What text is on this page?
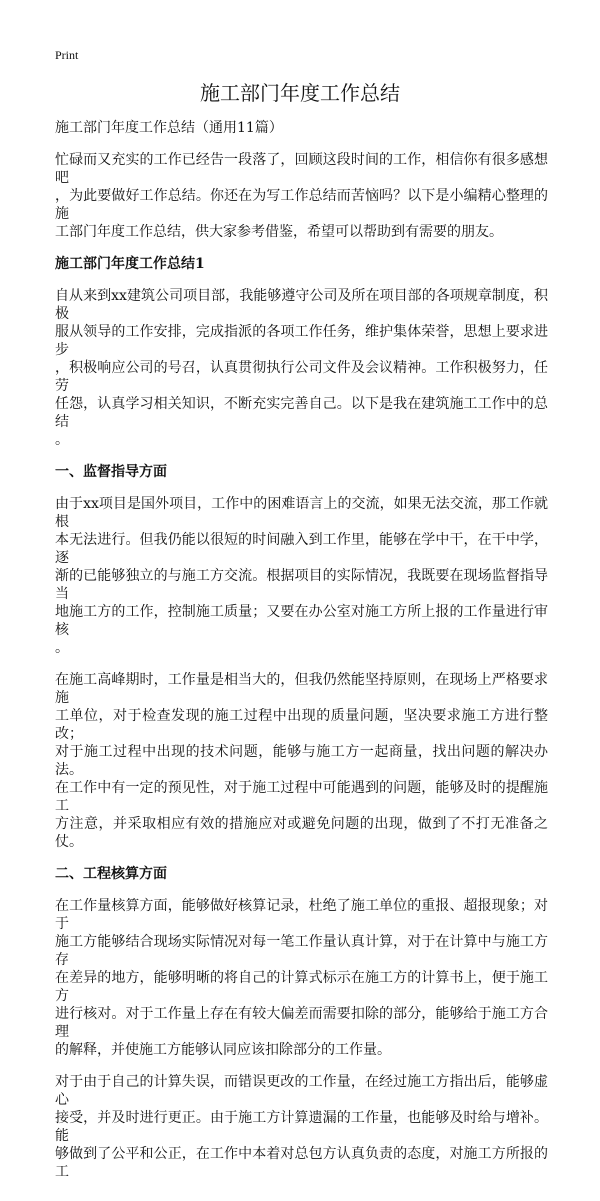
Print
施工部门年度工作总结
施工部门年度工作总结（通用11篇）
忙碌而又充实的工作已经告一段落了，回顾这段时间的工作，相信你有很多感想吧
，为此要做好工作总结。你还在为写工作总结而苦恼吗？以下是小编精心整理的施
工部门年度工作总结，供大家参考借鉴，希望可以帮助到有需要的朋友。
施工部门年度工作总结1
自从来到xx建筑公司项目部，我能够遵守公司及所在项目部的各项规章制度，积极
服从领导的工作安排，完成指派的各项工作任务，维护集体荣誉，思想上要求进步
，积极响应公司的号召，认真贯彻执行公司文件及会议精神。工作积极努力，任劳
任怨，认真学习相关知识，不断充实完善自己。以下是我在建筑施工工作中的总结
。
一、监督指导方面
由于xx项目是国外项目，工作中的困难语言上的交流，如果无法交流，那工作就根
本无法进行。但我仍能以很短的时间融入到工作里，能够在学中干，在干中学，逐
渐的已能够独立的与施工方交流。根据项目的实际情况，我既要在现场监督指导当
地施工方的工作，控制施工质量；又要在办公室对施工方所上报的工作量进行审核
。
在施工高峰期时，工作量是相当大的，但我仍然能坚持原则，在现场上严格要求施
工单位，对于检查发现的施工过程中出现的质量问题，坚决要求施工方进行整改；
对于施工过程中出现的技术问题，能够与施工方一起商量，找出问题的解决办法。
在工作中有一定的预见性，对于施工过程中可能遇到的问题，能够及时的提醒施工
方注意，并采取相应有效的措施应对或避免问题的出现，做到了不打无准备之仗。
二、工程核算方面
在工作量核算方面，能够做好核算记录，杜绝了施工单位的重报、超报现象；对于
施工方能够结合现场实际情况对每一笔工作量认真计算，对于在计算中与施工方存
在差异的地方，能够明晰的将自己的计算式标示在施工方的计算书上，便于施工方
进行核对。对于工作量上存在有较大偏差而需要扣除的部分，能够给于施工方合理
的解释，并使施工方能够认同应该扣除部分的工作量。
对于由于自己的计算失误，而错误更改的工作量，在经过施工方指出后，能够虚心
接受，并及时进行更正。由于施工方计算遗漏的工作量，也能够及时给与增补。能
够做到了公平和公正，在工作中本着对总包方认真负责的态度，对施工方所报的工
